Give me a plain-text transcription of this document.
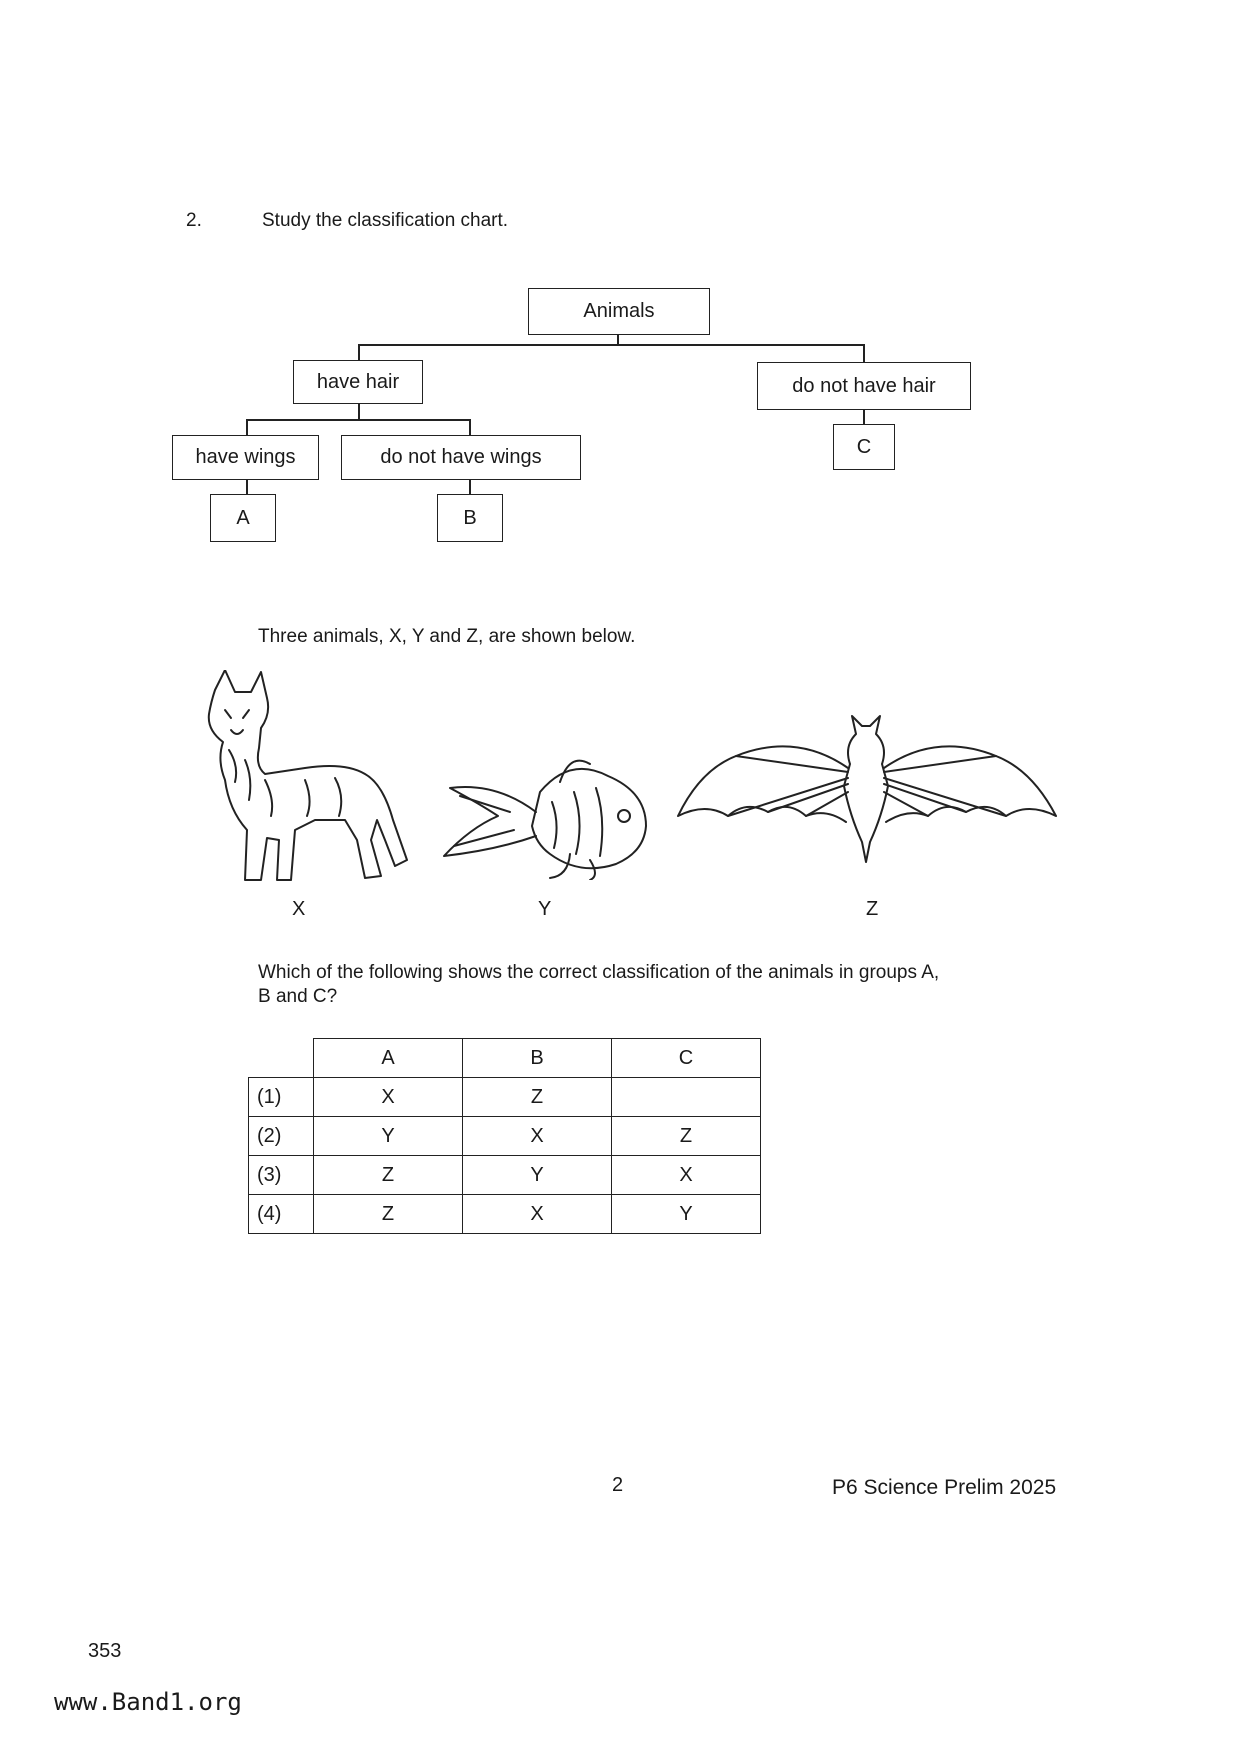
2.	Study the classification chart.
Animals
have hair	do not have hair
have wings	do not have wings
A	B
C
Three animals, X, Y and Z, are shown below.
X	Y	Z
Which of the following shows the correct classification of the animals in groups A,
B and C?
	A	B	C
(1)	X	Z	
(2)	Y	X	Z
(3)	Z	Y	X
(4)	Z	X	Y
2	P6 Science Prelim 2025
353
www.Band1.org
